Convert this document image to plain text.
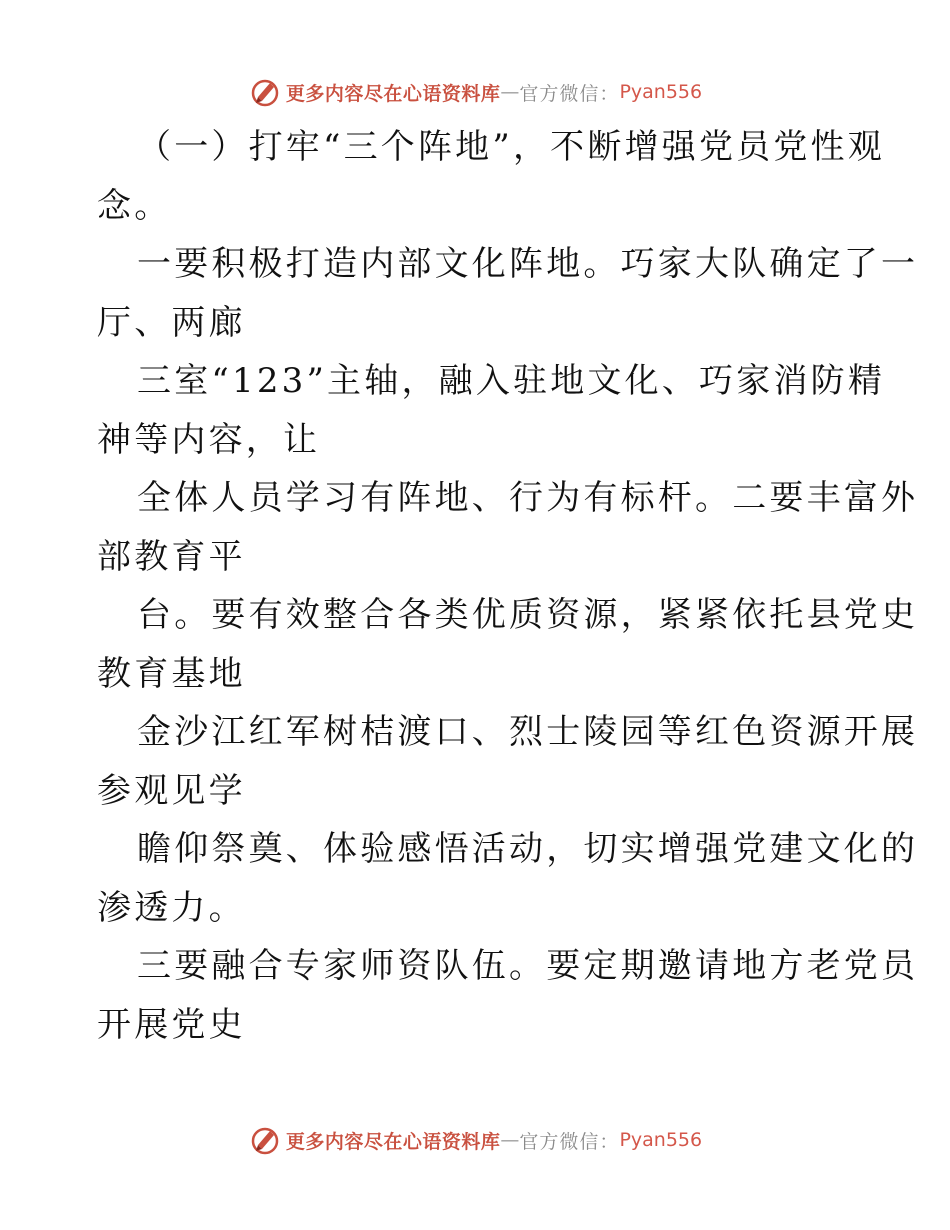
更多内容尽在心语资料库 — 官方微信： Pyan556
（一）打牢“三个阵地”，不断增强党员党性观
念。
一要积极打造内部文化阵地。巧家大队确定了一
厅、两廊
三室“123”主轴，融入驻地文化、巧家消防精
神等内容，让
全体人员学习有阵地、行为有标杆。二要丰富外
部教育平
台。要有效整合各类优质资源，紧紧依托县党史
教育基地
金沙江红军树桔渡口、烈士陵园等红色资源开展
参观见学
瞻仰祭奠、体验感悟活动，切实增强党建文化的
渗透力。
三要融合专家师资队伍。要定期邀请地方老党员
开展党史
更多内容尽在心语资料库 — 官方微信： Pyan556
